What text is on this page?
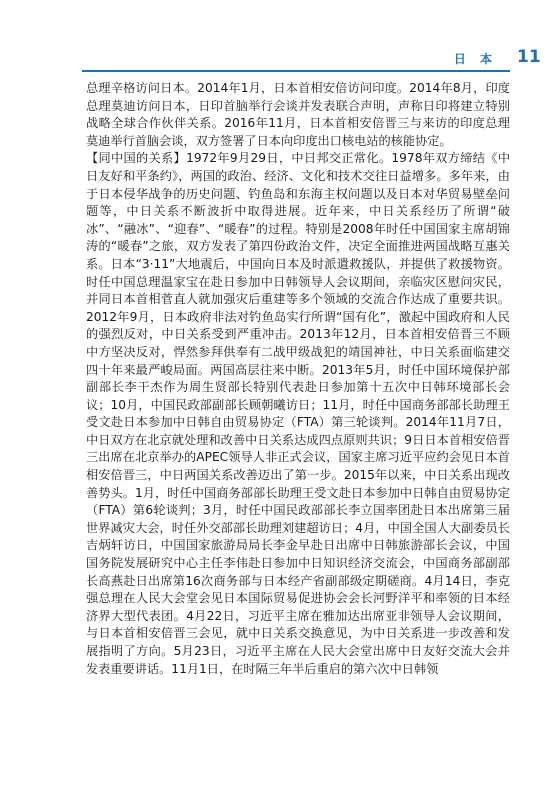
日 本 11

总理辛格访问日本。2014年1月，日本首相安倍访问印度。2014年8月，印度总理莫迪访问日本，日印首脑举行会谈并发表联合声明，声称日印将建立特别战略全球合作伙伴关系。2016年11月，日本首相安倍晋三与来访的印度总理莫迪举行首脑会谈，双方签署了日本向印度出口核电站的核能协定。

【同中国的关系】1972年9月29日，中日邦交正常化。1978年双方缔结《中日友好和平条约》，两国的政治、经济、文化和技术交往日益增多。多年来，由于日本侵华战争的历史问题、钓鱼岛和东海主权问题以及日本对华贸易壁垒问题等，中日关系不断波折中取得进展。近年来，中日关系经历了所谓“破冰”、“融冰”、“迎春”、“暖春”的过程。特别是2008年时任中国国家主席胡锦涛的“暖春”之旅，双方发表了第四份政治文件，决定全面推进两国战略互惠关系。日本“3·11”大地震后，中国向日本及时派遣救援队，并提供了救援物资。时任中国总理温家宝在赴日参加中日韩领导人会议期间，亲临灾区慰问灾民，并同日本首相菅直人就加强灾后重建等多个领域的交流合作达成了重要共识。2012年9月，日本政府非法对钓鱼岛实行所谓“国有化”，激起中国政府和人民的强烈反对，中日关系受到严重冲击。2013年12月，日本首相安倍晋三不顾中方坚决反对，悍然参拜供奉有二战甲级战犯的靖国神社，中日关系面临建交四十年来最严峻局面。两国高层往来中断。2013年5月，时任中国环境保护部副部长李干杰作为周生贤部长特别代表赴日参加第十五次中日韩环境部长会议；10月，中国民政部副部长顾朝曦访日；11月，时任中国商务部部长助理王受文赴日本参加中日韩自由贸易协定（FTA）第三轮谈判。2014年11月7日，中日双方在北京就处理和改善中日关系达成四点原则共识；9日日本首相安倍晋三出席在北京举办的APEC领导人非正式会议，国家主席习近平应约会见日本首相安倍晋三，中日两国关系改善迈出了第一步。2015年以来，中日关系出现改善势头。1月，时任中国商务部部长助理王受文赴日本参加中日韩自由贸易协定（FTA）第6轮谈判；3月，时任中国民政部部长李立国率团赴日本出席第三届世界减灾大会，时任外交部部长助理刘建超访日；4月，中国全国人大副委员长吉炳轩访日，中国国家旅游局局长李金早赴日出席中日韩旅游部长会议，中国国务院发展研究中心主任李伟赴日参加中日知识经济交流会，中国商务部副部长高燕赴日出席第16次商务部与日本经产省副部级定期磋商。4月14日，李克强总理在人民大会堂会见日本国际贸易促进协会会长河野洋平和率领的日本经济界大型代表团。4月22日，习近平主席在雅加达出席亚非领导人会议期间，与日本首相安倍晋三会见，就中日关系交换意见，为中日关系进一步改善和发展指明了方向。5月23日，习近平主席在人民大会堂出席中日友好交流大会并发表重要讲话。11月1日，在时隔三年半后重启的第六次中日韩领
